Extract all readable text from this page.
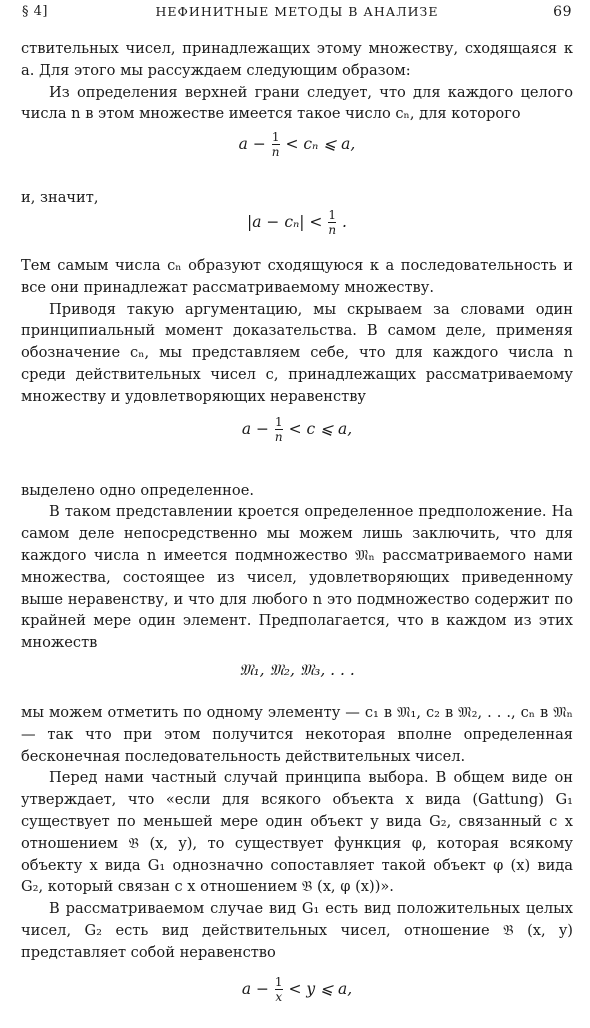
§ 4]	НЕФИНИТНЫЕ МЕТОДЫ В АНАЛИЗЕ	69

ствительных чисел, принадлежащих этому множеству, сходящаяся к a. Для этого мы рассуждаем следующим образом:

Из определения верхней грани следует, что для каждого целого числа n в этом множестве имеется такое число cₙ, для которого

$a - \frac{1}{n} < c_n$ ⩽ a,

и, значит,

$|a - c_n| < \frac{1}{n}$ .

Тем самым числа cₙ образуют сходящуюся к a последовательность и все они принадлежат рассматриваемому множеству.

Приводя такую аргументацию, мы скрываем за словами один принципиальный момент доказательства. В самом деле, применяя обозначение cₙ, мы представляем себе, что для каждого числа n среди действительных чисел c, принадлежащих рассматриваемому множеству и удовлетворяющих неравенству

$a - \frac{1}{n} < c$ ⩽ a,

выделено одно определенное.

В таком представлении кроется определенное предположение. На самом деле непосредственно мы можем лишь заключить, что для каждого числа n имеется подмножество 𝔐ₙ рассматриваемого нами множества, состоящее из чисел, удовлетворяющих приведенному выше неравенству, и что для любого n это подмножество содержит по крайней мере один элемент. Предполагается, что в каждом из этих множеств

𝔐₁, 𝔐₂, 𝔐₃, . . .

мы можем отметить по одному элементу — c₁ в 𝔐₁, c₂ в 𝔐₂, . . ., cₙ в 𝔐ₙ — так что при этом получится некоторая вполне определенная бесконечная последовательность действительных чисел.

Перед нами частный случай принципа выбора. В общем виде он утверждает, что «если для всякого объекта x вида (Gattung) G₁ существует по меньшей мере один объект y вида G₂, связанный с x отношением 𝔅 (x, y), то существует функция φ, которая всякому объекту x вида G₁ однозначно сопоставляет такой объект φ (x) вида G₂, который связан с x отношением 𝔅 (x, φ (x))».

В рассматриваемом случае вид G₁ есть вид положительных целых чисел, G₂ есть вид действительных чисел, отношение 𝔅 (x, y) представляет собой неравенство

$a - \frac{1}{x} < y$ ⩽ a,
